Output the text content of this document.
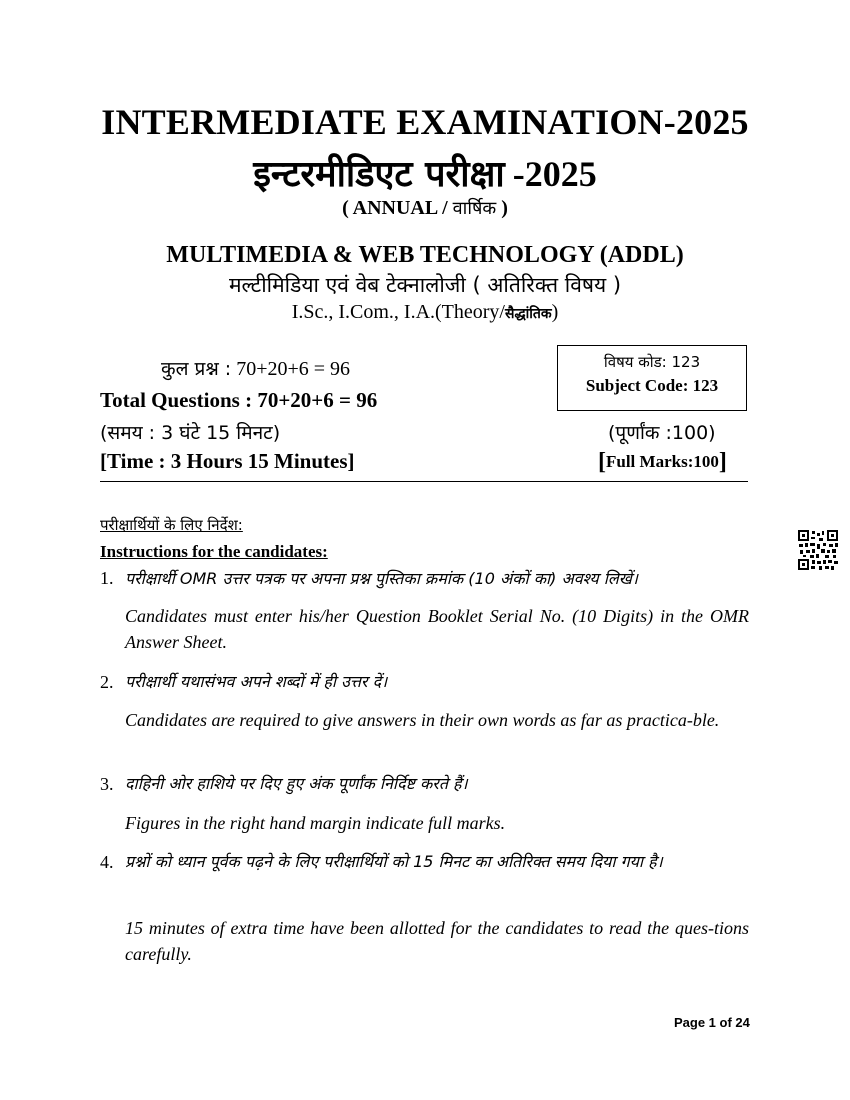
INTERMEDIATE EXAMINATION-2025
इन्टरमीडिएट परीक्षा -2025
( ANNUAL / वार्षिक )
MULTIMEDIA & WEB TECHNOLOGY (ADDL)
मल्टीमिडिया एवं वेब टेक्नालोजी ( अतिरिक्त विषय )
I.Sc., I.Com., I.A.(Theory/सैद्धांतिक)
कुल प्रश्न : 70+20+6 = 96
Total Questions : 70+20+6 = 96
(समय : 3 घंटे 15 मिनट)
[Time : 3 Hours 15 Minutes]
विषय कोड: 123
Subject Code: 123
(पूर्णांक :100)
[Full Marks:100]
परीक्षार्थियों के लिए निर्देश:
Instructions for the candidates:
1. परीक्षार्थी OMR उत्तर पत्रक पर अपना प्रश्न पुस्तिका क्रमांक (10 अंकों का) अवश्य लिखें।
Candidates must enter his/her Question Booklet Serial No. (10 Digits) in the OMR Answer Sheet.
2. परीक्षार्थी यथासंभव अपने शब्दों में ही उत्तर दें।
Candidates are required to give answers in their own words as far as practica-ble.
3. दाहिनी ओर हाशिये पर दिए हुए अंक पूर्णांक निर्दिष्ट करते हैं।
Figures in the right hand margin indicate full marks.
4. प्रश्नों को ध्यान पूर्वक पढ़ने के लिए परीक्षार्थियों को 15 मिनट का अतिरिक्त समय दिया गया है।
15 minutes of extra time have been allotted for the candidates to read the ques-tions carefully.
Page 1 of 24
